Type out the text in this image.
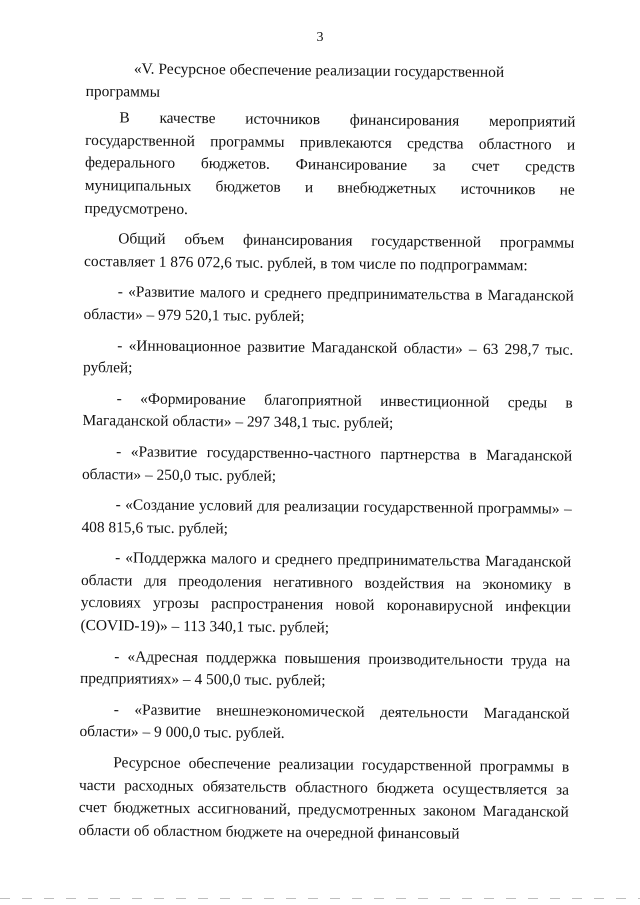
3

«V. Ресурсное обеспечение реализации государственной программы

В качестве источников финансирования мероприятий государственной программы привлекаются средства областного и федерального бюджетов. Финансирование за счет средств муниципальных бюджетов и внебюджетных источников не предусмотрено.

Общий объем финансирования государственной программы составляет 1 876 072,6 тыс. рублей, в том числе по подпрограммам:

- «Развитие малого и среднего предпринимательства в Магаданской области» – 979 520,1 тыс. рублей;

- «Инновационное развитие Магаданской области» – 63 298,7 тыс. рублей;

- «Формирование благоприятной инвестиционной среды в Магаданской области» – 297 348,1 тыс. рублей;

- «Развитие государственно-частного партнерства в Магаданской области» – 250,0 тыс. рублей;

- «Создание условий для реализации государственной программы» – 408 815,6 тыс. рублей;

- «Поддержка малого и среднего предпринимательства Магаданской области для преодоления негативного воздействия на экономику в условиях угрозы распространения новой коронавирусной инфекции (COVID-19)» – 113 340,1 тыс. рублей;

- «Адресная поддержка повышения производительности труда на предприятиях» – 4 500,0 тыс. рублей;

- «Развитие внешнеэкономической деятельности Магаданской области» – 9 000,0 тыс. рублей.

Ресурсное обеспечение реализации государственной программы в части расходных обязательств областного бюджета осуществляется за счет бюджетных ассигнований, предусмотренных законом Магаданской области об областном бюджете на очередной финансовый
